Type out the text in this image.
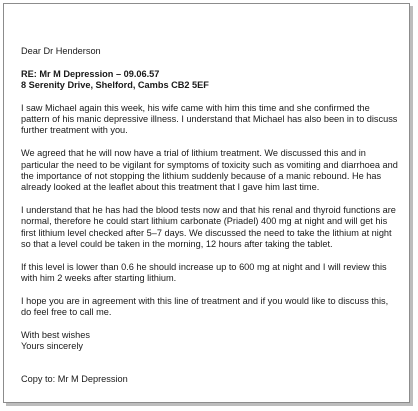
Dear Dr Henderson

RE: Mr M Depression – 09.06.57
8 Serenity Drive, Shelford, Cambs CB2 5EF

I saw Michael again this week, his wife came with him this time and she confirmed the pattern of his manic depressive illness. I understand that Michael has also been in to discuss further treatment with you.

We agreed that he will now have a trial of lithium treatment. We discussed this and in particular the need to be vigilant for symptoms of toxicity such as vomiting and diarrhoea and the importance of not stopping the lithium suddenly because of a manic rebound. He has already looked at the leaflet about this treatment that I gave him last time.

I understand that he has had the blood tests now and that his renal and thyroid functions are normal, therefore he could start lithium carbonate (Priadel) 400 mg at night and will get his first lithium level checked after 5–7 days. We discussed the need to take the lithium at night so that a level could be taken in the morning, 12 hours after taking the tablet.

If this level is lower than 0.6 he should increase up to 600 mg at night and I will review this with him 2 weeks after starting lithium.

I hope you are in agreement with this line of treatment and if you would like to discuss this, do feel free to call me.

With best wishes
Yours sincerely

Copy to: Mr M Depression
